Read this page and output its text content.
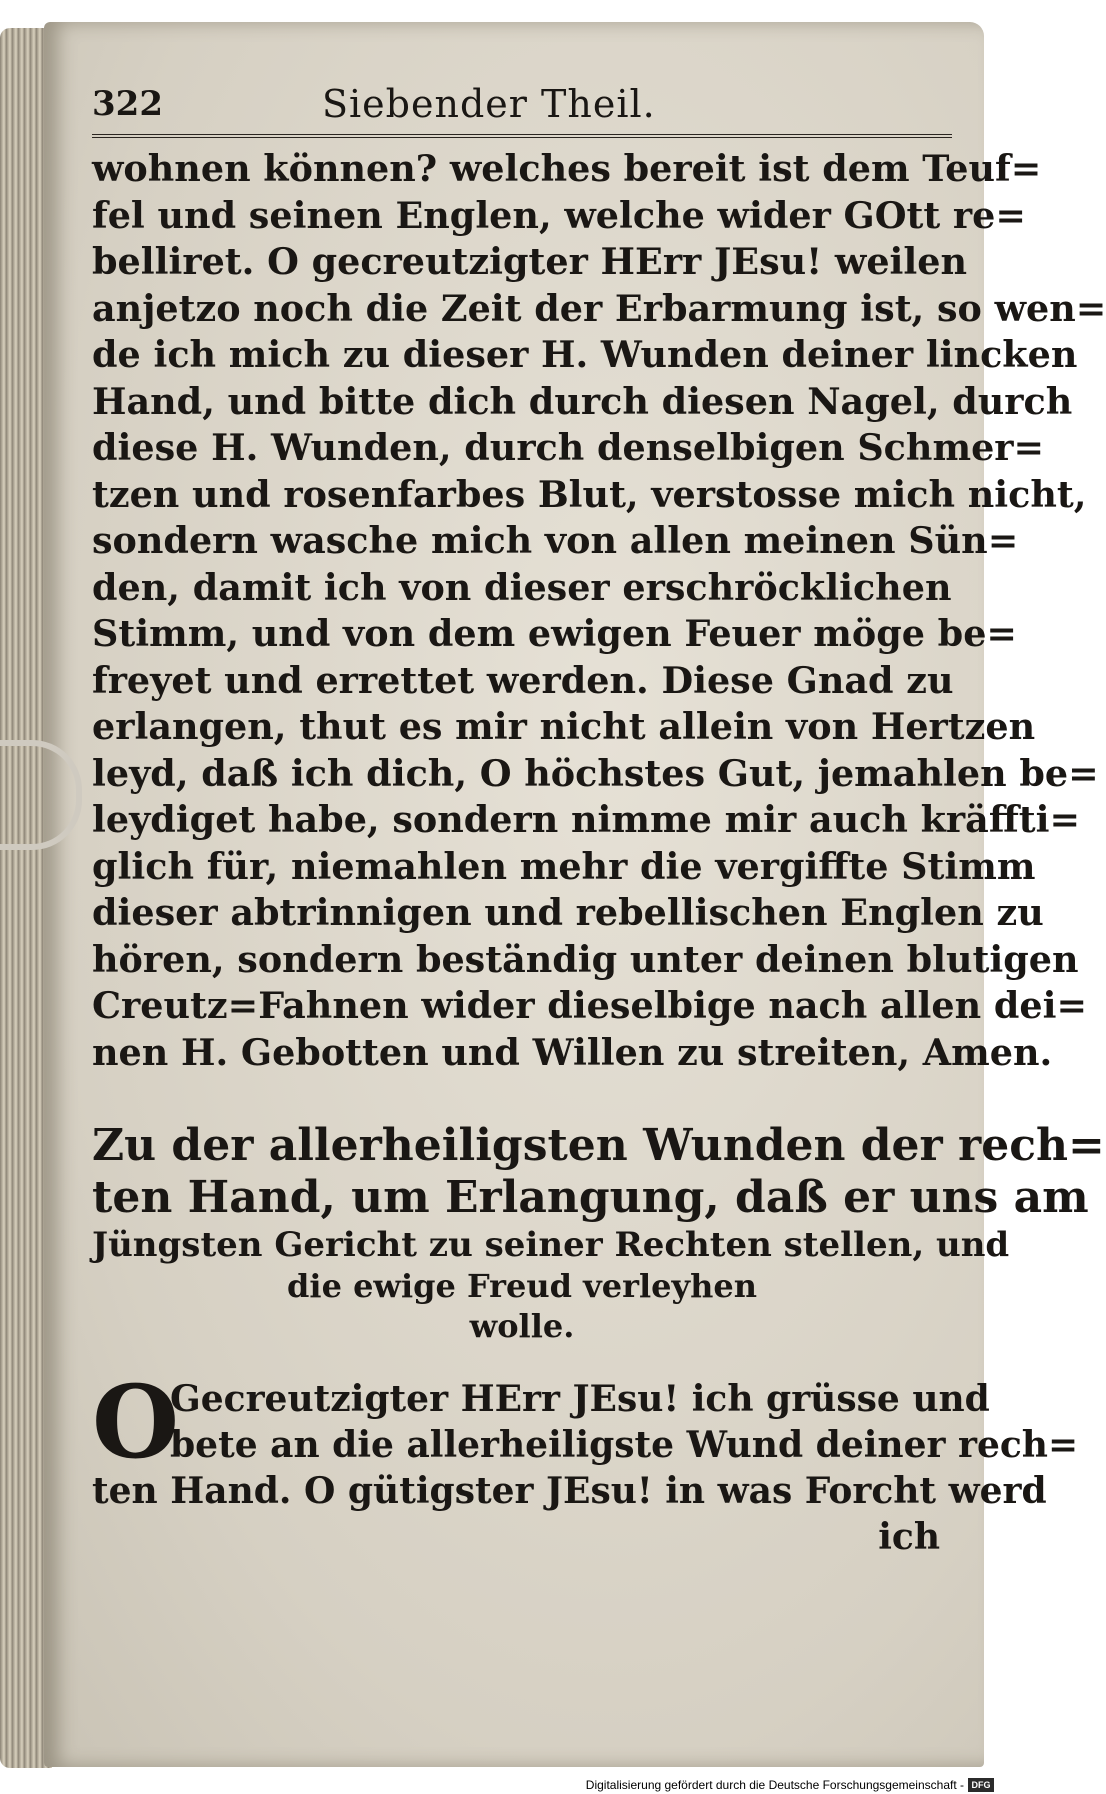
322	Siebender Theil.
wohnen können? welches bereit ist dem Teuf=
fel und seinen Englen, welche wider GOtt re=
belliret. O gecreutzigter HErr JEsu! weilen
anjetzo noch die Zeit der Erbarmung ist, so wen=
de ich mich zu dieser H. Wunden deiner lincken
Hand, und bitte dich durch diesen Nagel, durch
diese H. Wunden, durch denselbigen Schmer=
tzen und rosenfarbes Blut, verstosse mich nicht,
sondern wasche mich von allen meinen Sün=
den, damit ich von dieser erschröcklichen
Stimm, und von dem ewigen Feuer möge be=
freyet und errettet werden. Diese Gnad zu
erlangen, thut es mir nicht allein von Hertzen
leyd, daß ich dich, O höchstes Gut, jemahlen be=
leydiget habe, sondern nimme mir auch kräffti=
glich für, niemahlen mehr die vergiffte Stimm
dieser abtrinnigen und rebellischen Englen zu
hören, sondern beständig unter deinen blutigen
Creutz=Fahnen wider dieselbige nach allen dei=
nen H. Gebotten und Willen zu streiten, Amen.
Zu der allerheiligsten Wunden der rech=
ten Hand, um Erlangung, daß er uns am
Jüngsten Gericht zu seiner Rechten stellen, und
die ewige Freud verleyhen
wolle.
O
Gecreutzigter HErr JEsu! ich grüsse und
bete an die allerheiligste Wund deiner rech=
ten Hand. O gütigster JEsu! in was Forcht werd
ich
Digitalisierung gefördert durch die Deutsche Forschungsgemeinschaft - DFG
